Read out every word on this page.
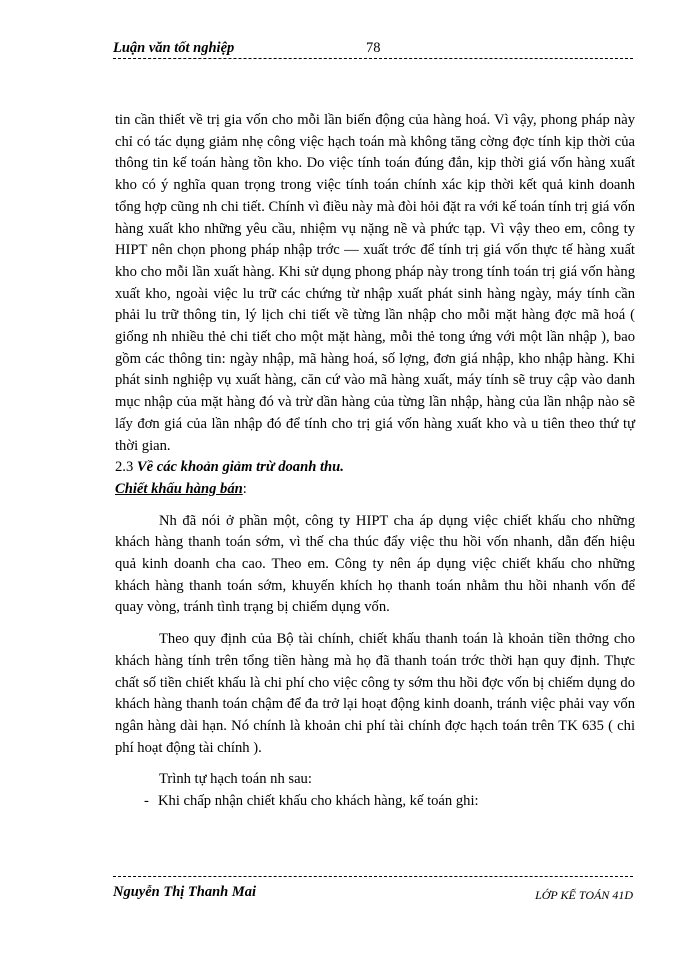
Luận văn tốt nghiệp	78

tin cần thiết về trị gia vốn cho mỗi lần biến động của hàng hoá. Vì vậy, phong pháp này chỉ có tác dụng giảm nhẹ công việc hạch toán mà không tăng cờng đợc tính kịp thời của thông tin kế toán hàng tồn kho. Do việc tính toán đúng đắn, kịp thời giá vốn hàng xuất kho có ý nghĩa quan trọng trong việc tính toán chính xác kịp thời kết quả kinh doanh tổng hợp cũng nh chi tiết. Chính vì điều này mà đòi hỏi đặt ra với kế toán tính trị giá vốn hàng xuất kho những yêu cầu, nhiệm vụ nặng nề và phức tạp. Vì vậy theo em, công ty HIPT nên chọn phong pháp nhập trớc — xuất trớc để tính trị giá vốn thực tế hàng xuất kho cho mỗi lần xuất hàng. Khi sử dụng phong pháp này trong tính toán trị giá vốn hàng xuất kho, ngoài việc lu trữ các chứng từ nhập xuất phát sinh hàng ngày, máy tính cần phải lu trữ thông tin, lý lịch chi tiết về từng lần nhập cho mỗi mặt hàng đợc mã hoá ( giống nh nhiều thẻ chi tiết cho một mặt hàng, mỗi thẻ tong ứng với một lần nhập ), bao gồm các thông tin: ngày nhập, mã hàng hoá, số lợng, đơn giá nhập, kho nhập hàng. Khi phát sinh nghiệp vụ xuất hàng, căn cứ vào mã hàng xuất, máy tính sẽ truy cập vào danh mục nhập của mặt hàng đó và trừ dần hàng của từng lần nhập, hàng của lần nhập nào sẽ lấy đơn giá của lần nhập đó để tính cho trị giá vốn hàng xuất kho và u tiên theo thứ tự thời gian.

2.3 Về các khoản giảm trừ doanh thu.

Chiết khấu hàng bán:

Nh đã nói ở phần một, công ty HIPT cha áp dụng việc chiết khấu cho những khách hàng thanh toán sớm, vì thế cha thúc đẩy việc thu hồi vốn nhanh, dẫn đến hiệu quả kinh doanh cha cao. Theo em. Công ty nên áp dụng việc chiết khấu cho những khách hàng thanh toán sớm, khuyến khích họ thanh toán nhằm thu hồi nhanh vốn để quay vòng, tránh tình trạng bị chiếm dụng vốn.

Theo quy định của Bộ tài chính, chiết khấu thanh toán là khoản tiền thởng cho khách hàng tính trên tổng tiền hàng mà họ đã thanh toán trớc thời hạn quy định. Thực chất số tiền chiết khấu là chi phí cho việc công ty sớm thu hồi đợc vốn bị chiếm dụng do khách hàng thanh toán chậm để đa trở lại hoạt động kinh doanh, tránh việc phải vay vốn ngân hàng dài hạn. Nó chính là khoản chi phí tài chính đợc hạch toán trên TK 635 ( chi phí hoạt động tài chính ).

Trình tự hạch toán nh sau:

- Khi chấp nhận chiết khấu cho khách hàng, kế toán ghi:

Nguyễn Thị Thanh Mai	LỚP KẾ TOÁN 41D
